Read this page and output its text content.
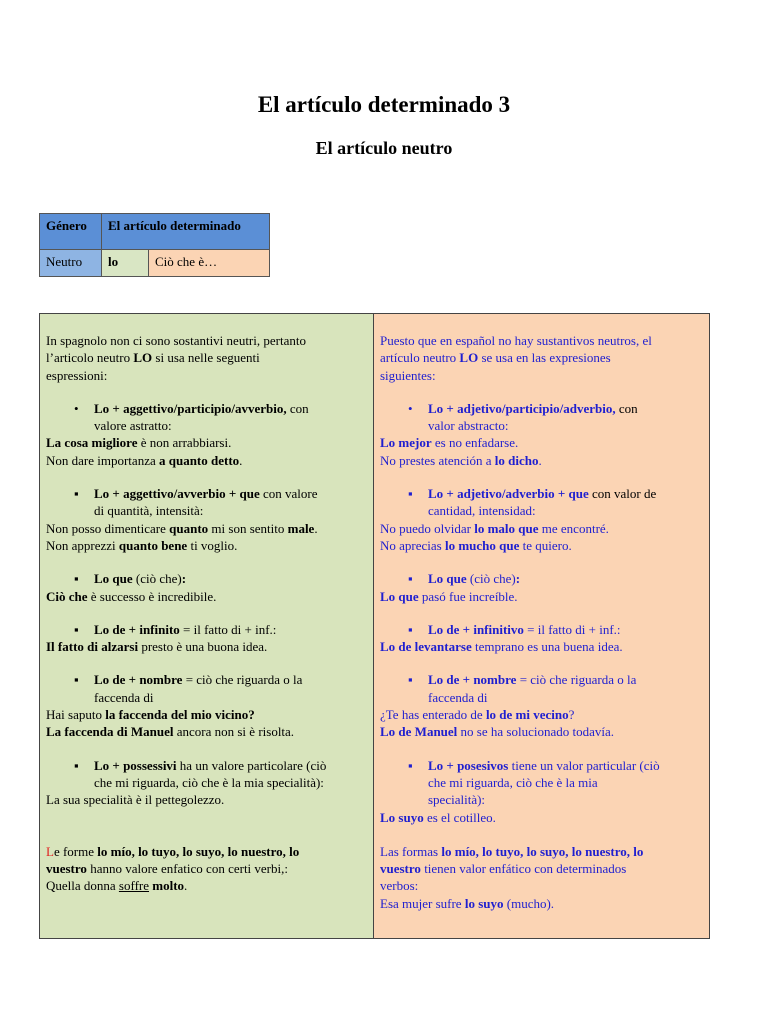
El artículo determinado 3
El artículo neutro
Género	El artículo determinado	
Neutro	lo	Ciò che è…
In spagnolo non ci sono sostantivi neutri, pertanto
l’articolo neutro LO si usa nelle seguenti
espressioni:
• Lo + aggettivo/participio/avverbio, con
valore astratto:
La cosa migliore è non arrabbiarsi.
Non dare importanza a quanto detto.
▪ Lo + aggettivo/avverbio + que con valore
di quantità, intensità:
Non posso dimenticare quanto mi son sentito male.
Non apprezzi quanto bene ti voglio.
▪ Lo que (ciò che):
Ciò che è successo è incredibile.
▪ Lo de + infinito = il fatto di + inf.:
Il fatto di alzarsi presto è una buona idea.
▪ Lo de + nombre = ciò che riguarda o la
faccenda di
Hai saputo la faccenda del mio vicino?
La faccenda di Manuel ancora non si è risolta.
▪ Lo + possessivi ha un valore particolare (ciò
che mi riguarda, ciò che è la mia specialità):
La sua specialità è il pettegolezzo.
Le forme lo mío, lo tuyo, lo suyo, lo nuestro, lo
vuestro hanno valore enfatico con certi verbi,:
Quella donna soffre molto.
Puesto que en español no hay sustantivos neutros, el
artículo neutro LO se usa en las expresiones
siguientes:
• Lo + adjetivo/participio/adverbio, con
valor abstracto:
Lo mejor es no enfadarse.
No prestes atención a lo dicho.
▪ Lo + adjetivo/adverbio + que con valor de
cantidad, intensidad:
No puedo olvidar lo malo que me encontré.
No aprecias lo mucho que te quiero.
▪ Lo que (ciò che):
Lo que pasó fue increíble.
▪ Lo de + infinitivo = il fatto di + inf.:
Lo de levantarse temprano es una buena idea.
▪ Lo de + nombre = ciò che riguarda o la
faccenda di
¿Te has enterado de lo de mi vecino?
Lo de Manuel no se ha solucionado todavía.
▪ Lo + posesivos tiene un valor particular (ciò
che mi riguarda, ciò che è la mia
specialità):
Lo suyo es el cotilleo.
Las formas lo mío, lo tuyo, lo suyo, lo nuestro, lo
vuestro tienen valor enfático con determinados
verbos:
Esa mujer sufre lo suyo (mucho).
